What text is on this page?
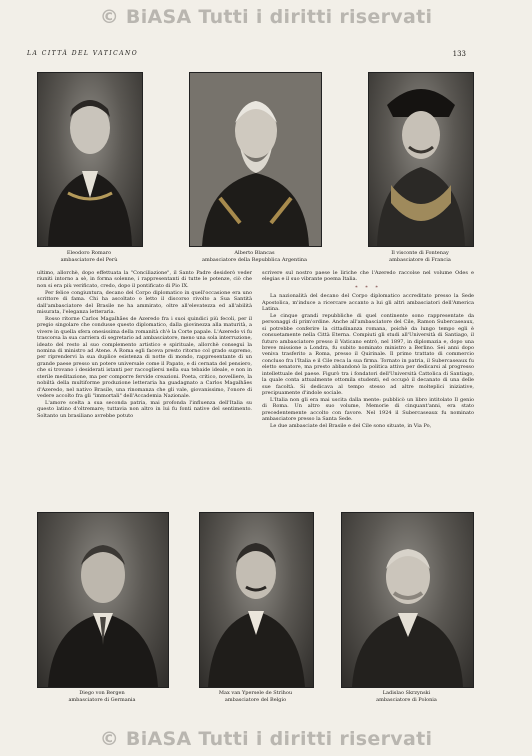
© BiASA Tutti i diritti riservati
LA CITTÀ DEL VATICANO	133
Eleodoro Romaro
ambasciatore del Perù
Alberto Blancas
ambasciatore della Repubblica Argentina
Il visconte di Fontenay
ambasciatore di Francia

ultimo, allorchè, dopo effettuata la "Conciliazione", il Santo Padre desiderò veder riuniti intorno a sè, in forma solenne, i rappresentanti di tutte le potenze, ciò che non si era più verificato, credo, dopo il pontificato di Pio IX.

Per felice congiuntura, decano del Corpo diplomatico in quell'occasione era uno scrittore di fama. Chi ha ascoltato o letto il discorso rivolto a Sua Santità dall'ambasciatore del Brasile ne ha ammirato, oltre all'elevatezza ed all'abilità misurata, l'eleganza letteraria.

Rosso ritorne Carlos Magalhães de Azeredo fra i suoi quindici più fecoli, per il pregio singolare che condusse questo diplomatico, dalla giovinezza alla maturità, a vivere in quella sfera onesissima della romanità ch'è la Corte papale. L'Azeredo vi fu trascorsa la sua carriera di segretario ad ambasciatore, meno una sola interruzione, ideato del resto al suo complemento artistico e spirituale, allorchè conseguì la nomina di ministro ad Atene. A Roma egli faceva presto ritorno col grado supremo, per riprendervi la sua duplice esistenza di notte di mondo, rappresentante di un grande paese presso un potere universale come il Papato, e di cernata del pensiero, che si trovano i desiderati istanti per raccogliersi nella sua tebaide ideale, e non in sterile meditazione, ma per comporre fervide creazioni. Poeta, critico, novelliere, la nobiltà della multiforme produzione letteraria ha guadagnato a Carlos Magalhães d'Azeredo, nel nativo Brasile, una rinomanza che gli vale, giovanissimo, l'onore di vedere accolto fra gli "immortali" dell'Accademia Nazionale.

L'amore scelta a sua seconda patria, mai profonda l'influenza dell'Italia su questo latino d'oltremare; tuttavia non altro in lui fu fonti native del sentimento. Soltanto un brasiliano avrebbe potuto

scrivere sul nostro paese le liriche che l'Azeredo raccolse nel volume Odes e elegias e il suo vibrante poema Italia.

* * *

La nazionalità del decano del Corpo diplomatico accreditato presso la Sede Apostolica, m'induce a ricercare accanto a lui gli altri ambasciatori dell'America Latina.

Le cinque grandi repubbliche di quel continente sono rappresentate da personaggi di prim'ordine. Anche all'ambasciatore del Cile, Ramon Subercaseaux, si potrebbe conferire la cittadinanza romana, poichè da lungo tempo egli è consuetamente nella Città Eterna. Compiuti gli studi all'Università di Santiago, il futuro ambasciatore presso il Vaticano entrò, nel 1897, in diplomazia e, dopo una breve missione a Londra, fu subito nominato ministro a Berlino. Sei anni dopo veniva trasferito a Roma, presso il Quirinale. Il primo trattato di commercio concluso fra l'Italia e il Cile reca la sua firma. Tornato in patria, il Subercaseaux fu eletto senatore, ma presto abbandonò la politica attiva per dedicarsi al progresso intellettuale del paese. Figurò tra i fondatori dell'Università Cattolica di Santiago, la quale conta attualmente ottomila studenti, ed occupò il decanato di una delle sue facoltà. Si dedicava al tempo stesso ad altre molteplici iniziative, precipuamente d'indole sociale.

L'Italia non gli era mai uscita dalla mente: pubblicò un libro intitolato Il genio di Roma. Un altro suo volume, Memorie di cinquant'anni, era stato precedentemente accolto con favore. Nel 1924 il Subercaseaux fu nominato ambasciatore presso la Santa Sede.

Le due ambasciate del Brasile e del Cile sono situate, in Via Po,

Diego von Bergen
ambasciatore di Germania
Max van Ypersele de Strihou
ambasciatore del Belgio
Ladislao Skrzynski
ambasciatore di Polonia
© BiASA Tutti i diritti riservati
